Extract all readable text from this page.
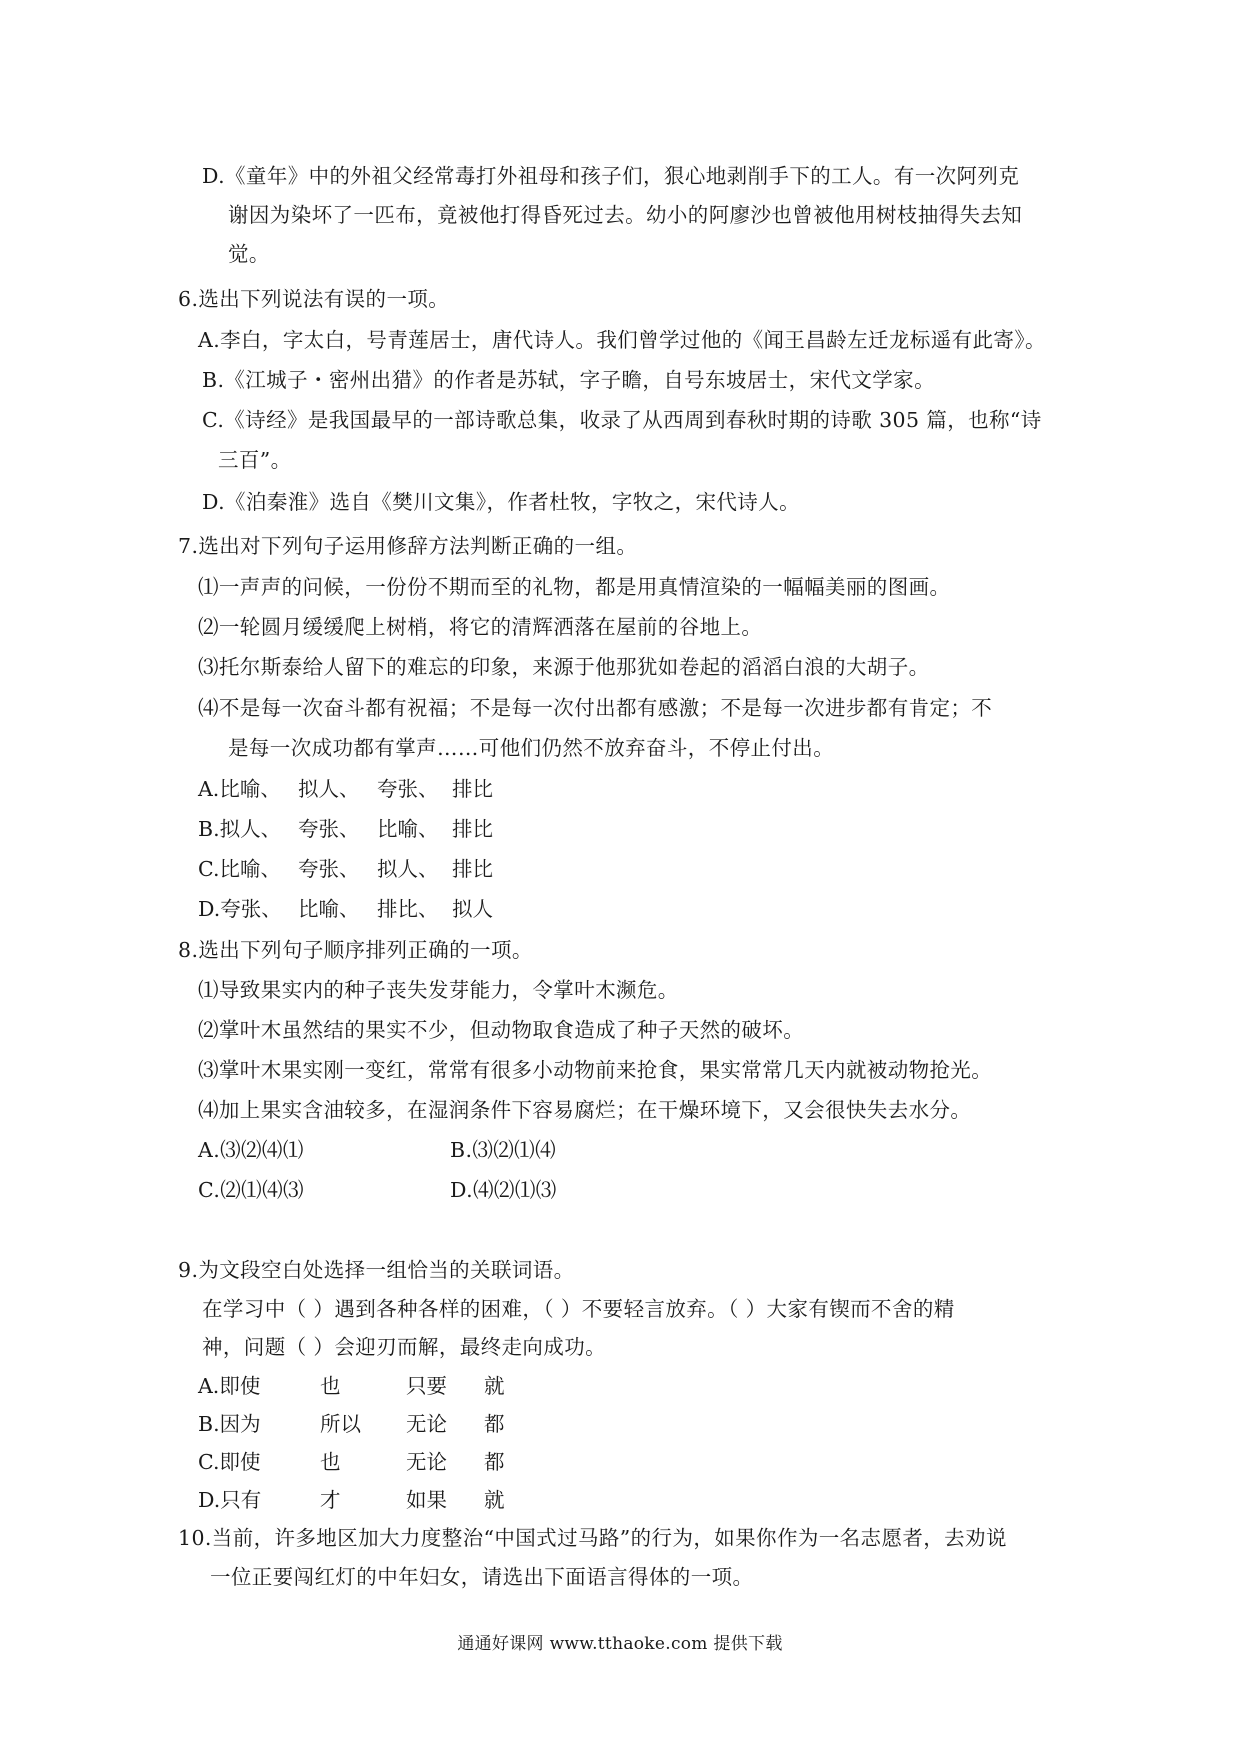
D.《童年》中的外祖父经常毒打外祖母和孩子们，狠心地剥削手下的工人。有一次阿列克
谢因为染坏了一匹布，竟被他打得昏死过去。幼小的阿廖沙也曾被他用树枝抽得失去知
觉。
6.选出下列说法有误的一项。
A.李白，字太白，号青莲居士，唐代诗人。我们曾学过他的《闻王昌龄左迁龙标遥有此寄》。
B.《江城子・密州出猎》的作者是苏轼，字子瞻，自号东坡居士，宋代文学家。
C.《诗经》是我国最早的一部诗歌总集，收录了从西周到春秋时期的诗歌 305 篇，也称“诗
三百”。
D.《泊秦淮》选自《樊川文集》，作者杜牧，字牧之，宋代诗人。
7.选出对下列句子运用修辞方法判断正确的一组。
⑴一声声的问候，一份份不期而至的礼物，都是用真情渲染的一幅幅美丽的图画。
⑵一轮圆月缓缓爬上树梢，将它的清辉洒落在屋前的谷地上。
⑶托尔斯泰给人留下的难忘的印象，来源于他那犹如卷起的滔滔白浪的大胡子。
⑷不是每一次奋斗都有祝福；不是每一次付出都有感激；不是每一次进步都有肯定；不
是每一次成功都有掌声……可他们仍然不放弃奋斗，不停止付出。
A.比喻、 拟人、 夸张、 排比
B.拟人、 夸张、 比喻、 排比
C.比喻、 夸张、 拟人、 排比
D.夸张、 比喻、 排比、 拟人
8.选出下列句子顺序排列正确的一项。
⑴导致果实内的种子丧失发芽能力，令掌叶木濒危。
⑵掌叶木虽然结的果实不少，但动物取食造成了种子天然的破坏。
⑶掌叶木果实刚一变红，常常有很多小动物前来抢食，果实常常几天内就被动物抢光。
⑷加上果实含油较多，在湿润条件下容易腐烂；在干燥环境下，又会很快失去水分。
A.⑶⑵⑷⑴	B.⑶⑵⑴⑷
C.⑵⑴⑷⑶	D.⑷⑵⑴⑶
9.为文段空白处选择一组恰当的关联词语。
在学习中（ ）遇到各种各样的困难，（ ）不要轻言放弃。（ ）大家有锲而不舍的精
神，问题（ ）会迎刃而解，最终走向成功。
A.即使	也	只要 就
B.因为	所以 无论 都
C.即使	也	无论 都
D.只有	才	如果 就
10.当前，许多地区加大力度整治“中国式过马路”的行为，如果你作为一名志愿者，去劝说
一位正要闯红灯的中年妇女，请选出下面语言得体的一项。
通通好课网 www.tthaoke.com 提供下载
